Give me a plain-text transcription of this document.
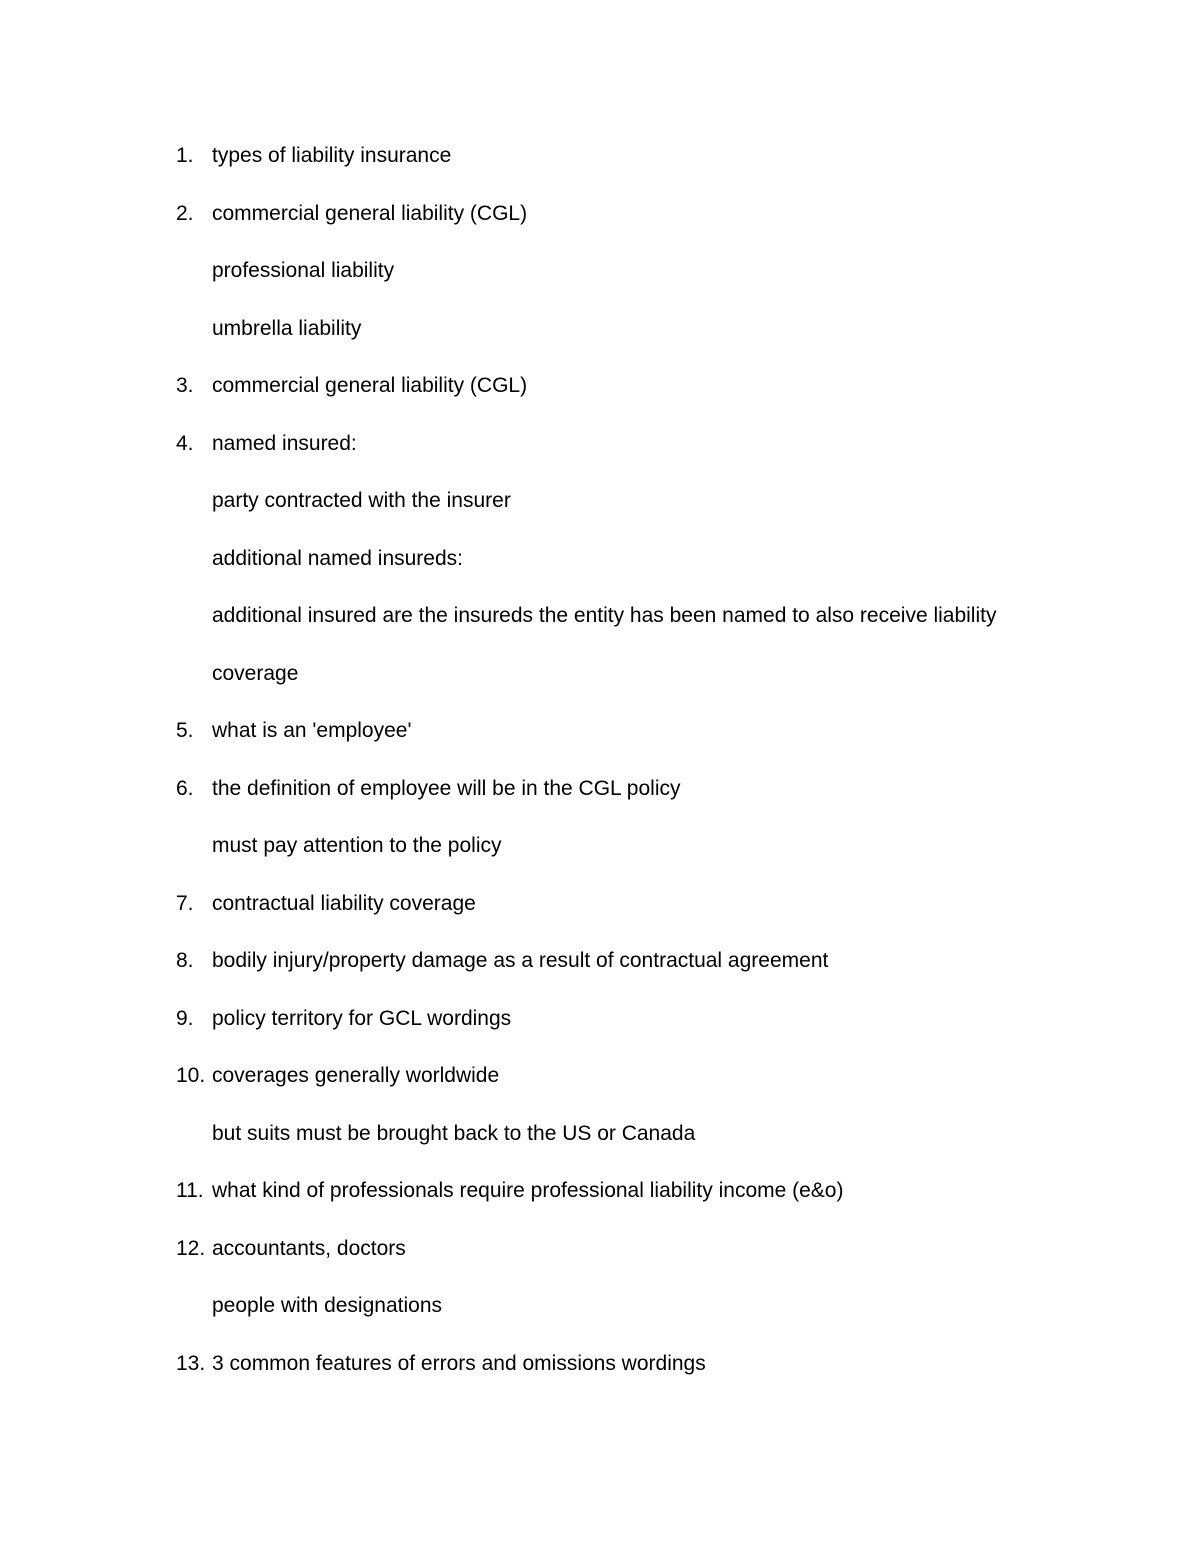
1. types of liability insurance
2. commercial general liability (CGL)
professional liability
umbrella liability
3. commercial general liability (CGL)
4. named insured:
party contracted with the insurer
additional named insureds:
additional insured are the insureds the entity has been named to also receive liability
coverage
5. what is an 'employee'
6. the definition of employee will be in the CGL policy
must pay attention to the policy
7. contractual liability coverage
8. bodily injury/property damage as a result of contractual agreement
9. policy territory for GCL wordings
10. coverages generally worldwide
but suits must be brought back to the US or Canada
11. what kind of professionals require professional liability income (e&o)
12. accountants, doctors
people with designations
13. 3 common features of errors and omissions wordings
